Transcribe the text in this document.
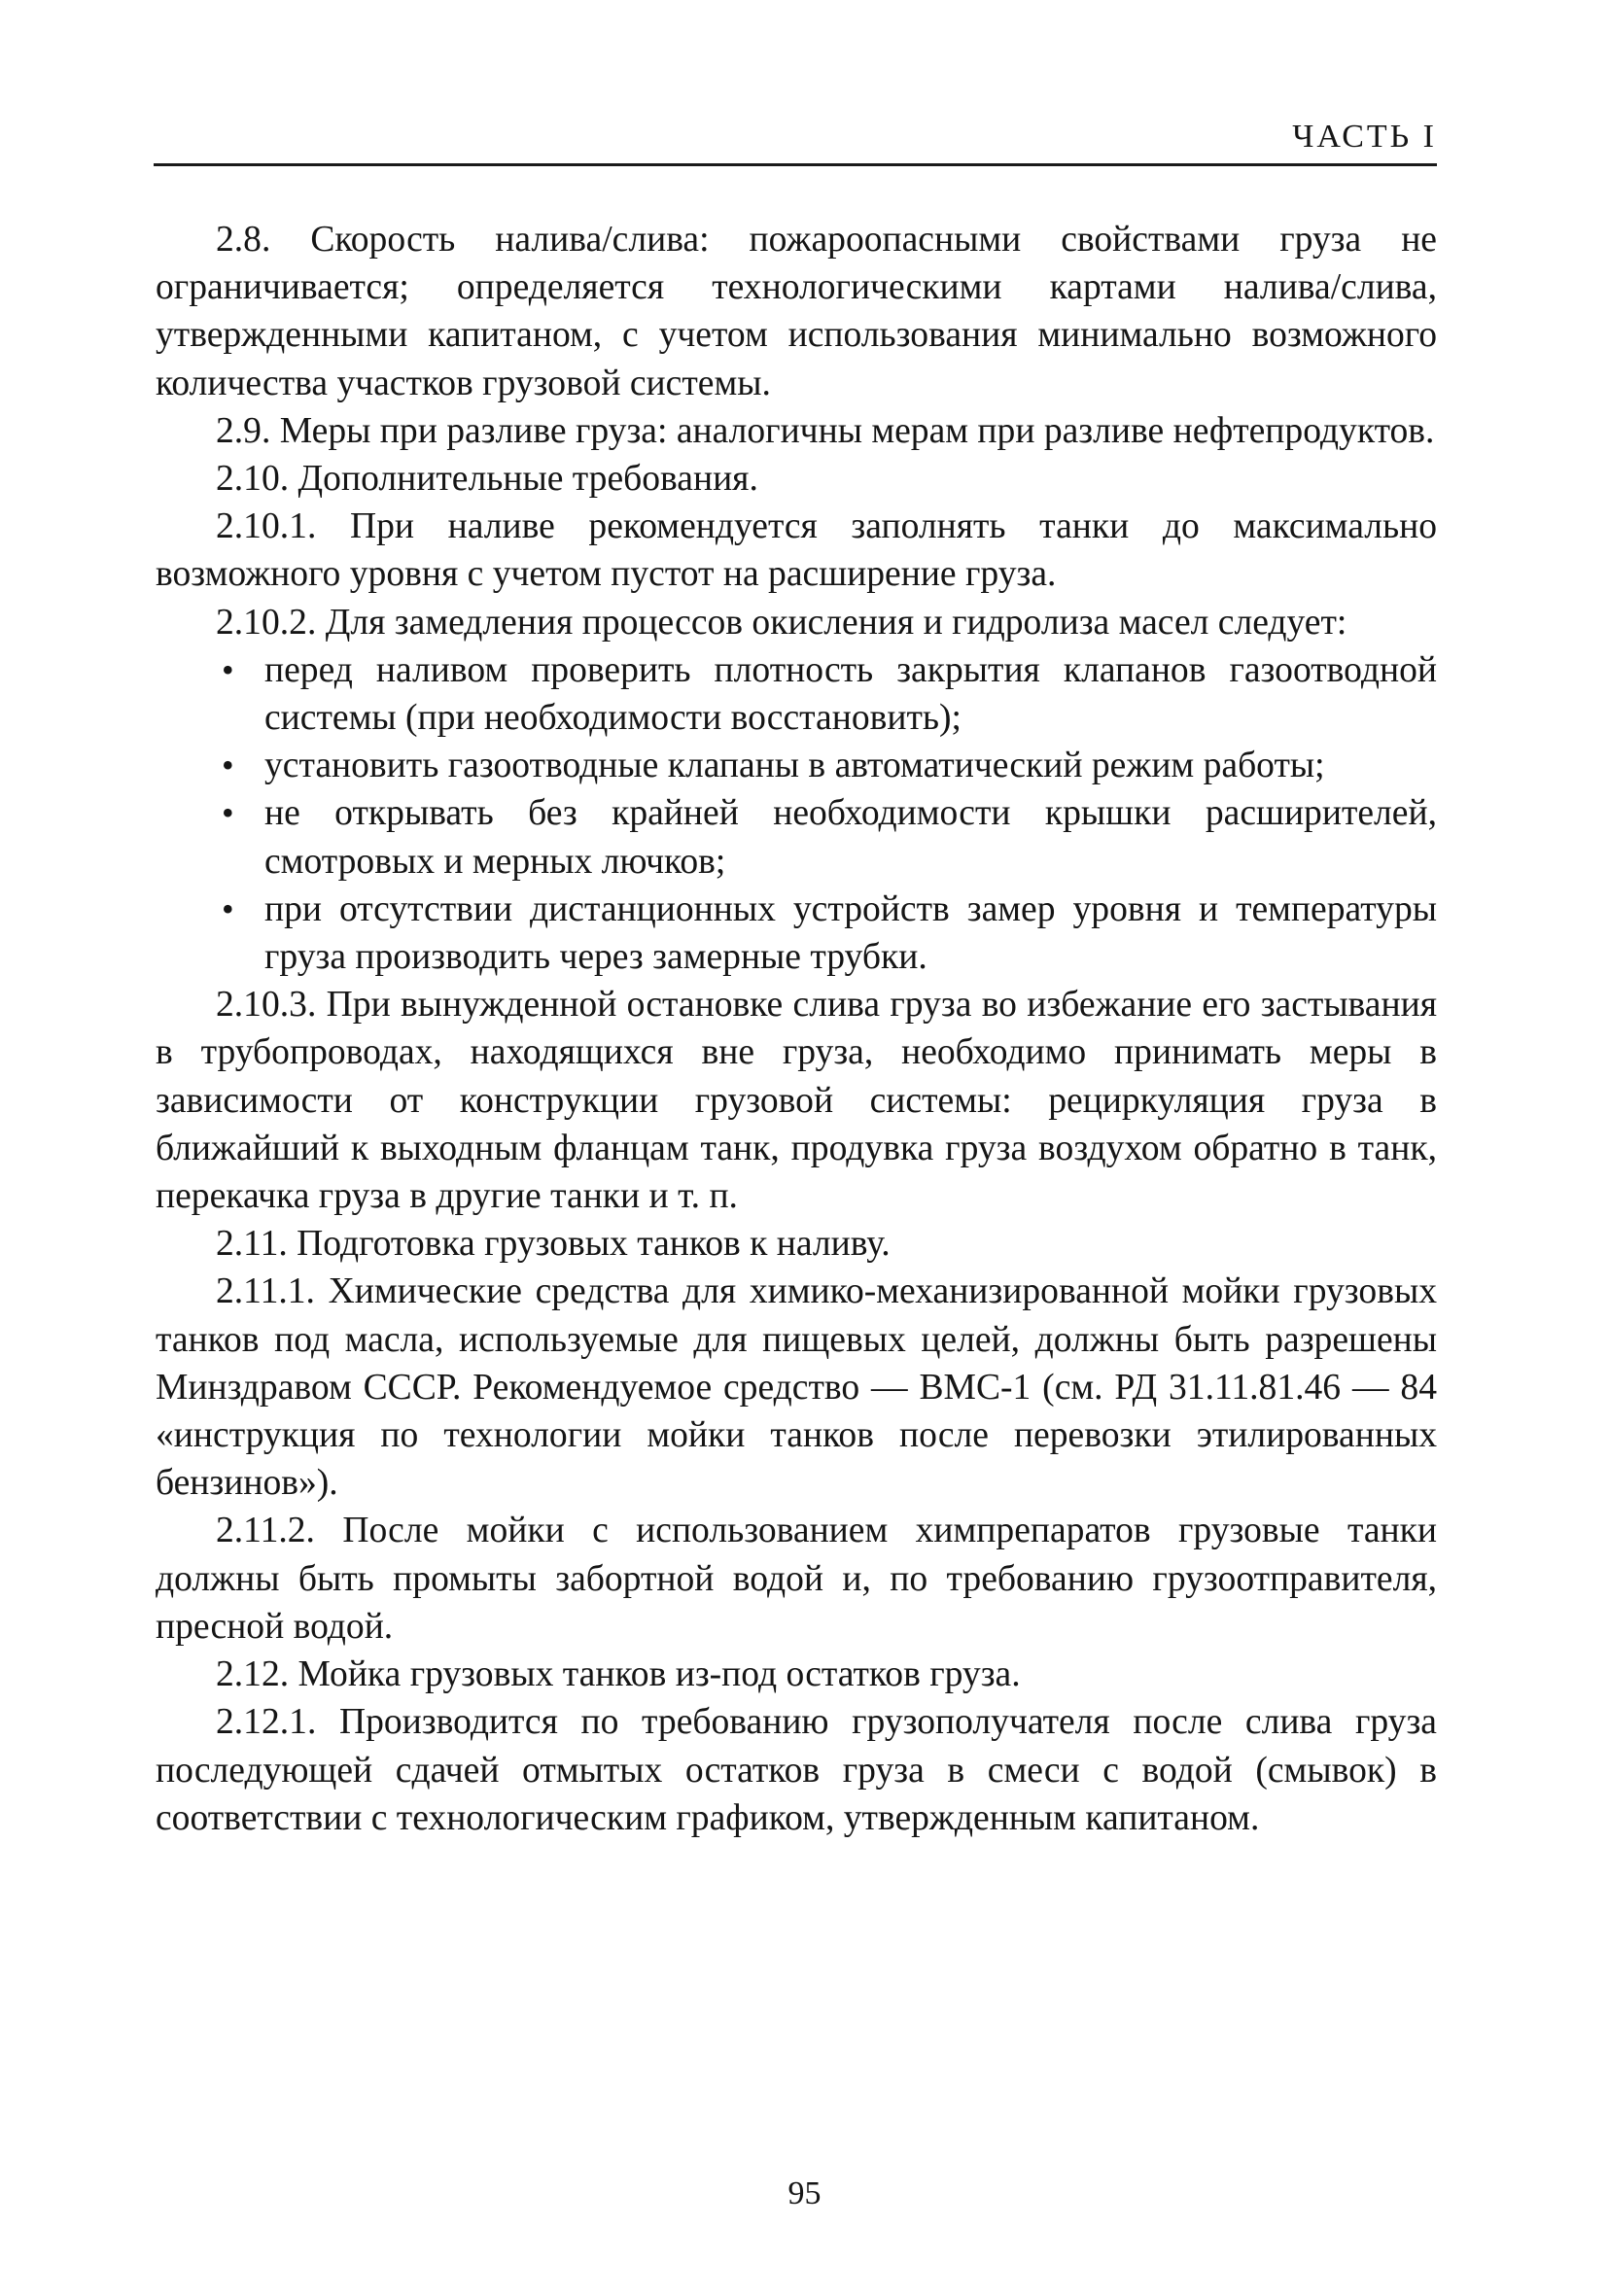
ЧАСТЬ I

2.8. Скорость налива/слива: пожароопасными свойствами груза не ограничивается; определяется технологическими картами налива/слива, утвержденными капитаном, с учетом использования минимально возможного количества участков грузовой системы.

2.9. Меры при разливе груза: аналогичны мерам при разливе нефтепродуктов.

2.10. Дополнительные требования.

2.10.1. При наливе рекомендуется заполнять танки до максимально возможного уровня с учетом пустот на расширение груза.

2.10.2. Для замедления процессов окисления и гидролиза масел следует:

• перед наливом проверить плотность закрытия клапанов газоотводной системы (при необходимости восстановить);
• установить газоотводные клапаны в автоматический режим работы;
• не открывать без крайней необходимости крышки расширителей, смотровых и мерных лючков;
• при отсутствии дистанционных устройств замер уровня и температуры груза производить через замерные трубки.

2.10.3. При вынужденной остановке слива груза во избежание его застывания в трубопроводах, находящихся вне груза, необходимо принимать меры в зависимости от конструкции грузовой системы: рециркуляция груза в ближайший к выходным фланцам танк, продувка груза воздухом обратно в танк, перекачка груза в другие танки и т. п.

2.11. Подготовка грузовых танков к наливу.

2.11.1. Химические средства для химико-механизированной мойки грузовых танков под масла, используемые для пищевых целей, должны быть разрешены Минздравом СССР. Рекомендуемое средство — ВМС-1 (см. РД 31.11.81.46 — 84 «инструкция по технологии мойки танков после перевозки этилированных бензинов»).

2.11.2. После мойки с использованием химпрепаратов грузовые танки должны быть промыты забортной водой и, по требованию грузоотправителя, пресной водой.

2.12. Мойка грузовых танков из-под остатков груза.

2.12.1. Производится по требованию грузополучателя после слива груза последующей сдачей отмытых остатков груза в смеси с водой (смывок) в соответствии с технологическим графиком, утвержденным капитаном.

95
